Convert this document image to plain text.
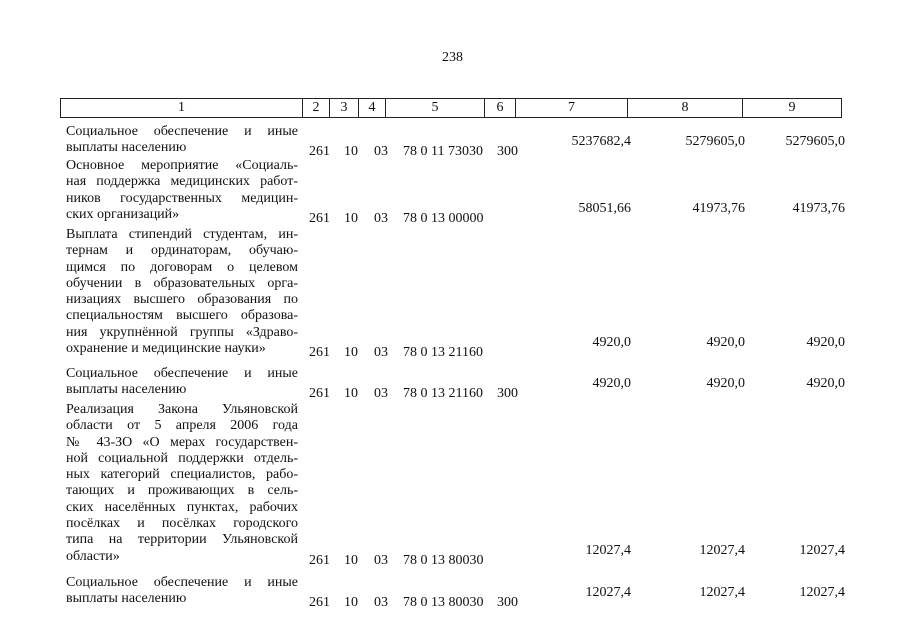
238
1	2	3	4	5	6	7	8	9
Социальное обеспечение и иные
выплаты населению	261 10 03 78 0 11 73030 300
5237682,4	5279605,0	5279605,0
Основное мероприятие «Социаль-
ная поддержка медицинских работ-
ников государственных медицин-
ских организаций»	261 10 03 78 0 13 00000
58051,66	41973,76	41973,76
Выплата стипендий студентам, ин-
тернам и ординаторам, обучаю-
щимся по договорам о целевом
обучении в образовательных орга-
низациях высшего образования по
специальностям высшего образова-
ния укрупнённой группы «Здраво-
охранение и медицинские науки»	261 10 03 78 0 13 21160
4920,0	4920,0	4920,0
Социальное обеспечение и иные
выплаты населению	261 10 03 78 0 13 21160 300
4920,0	4920,0	4920,0
Реализация Закона Ульяновской
области от 5 апреля 2006 года
№ 43-ЗО «О мерах государствен-
ной социальной поддержки отдель-
ных категорий специалистов, рабо-
тающих и проживающих в сель-
ских населённых пунктах, рабочих
посёлках и посёлках городского
типа на территории Ульяновской
области»	261 10 03 78 0 13 80030
12027,4	12027,4	12027,4
Социальное обеспечение и иные
выплаты населению	261 10 03 78 0 13 80030 300
12027,4	12027,4	12027,4
